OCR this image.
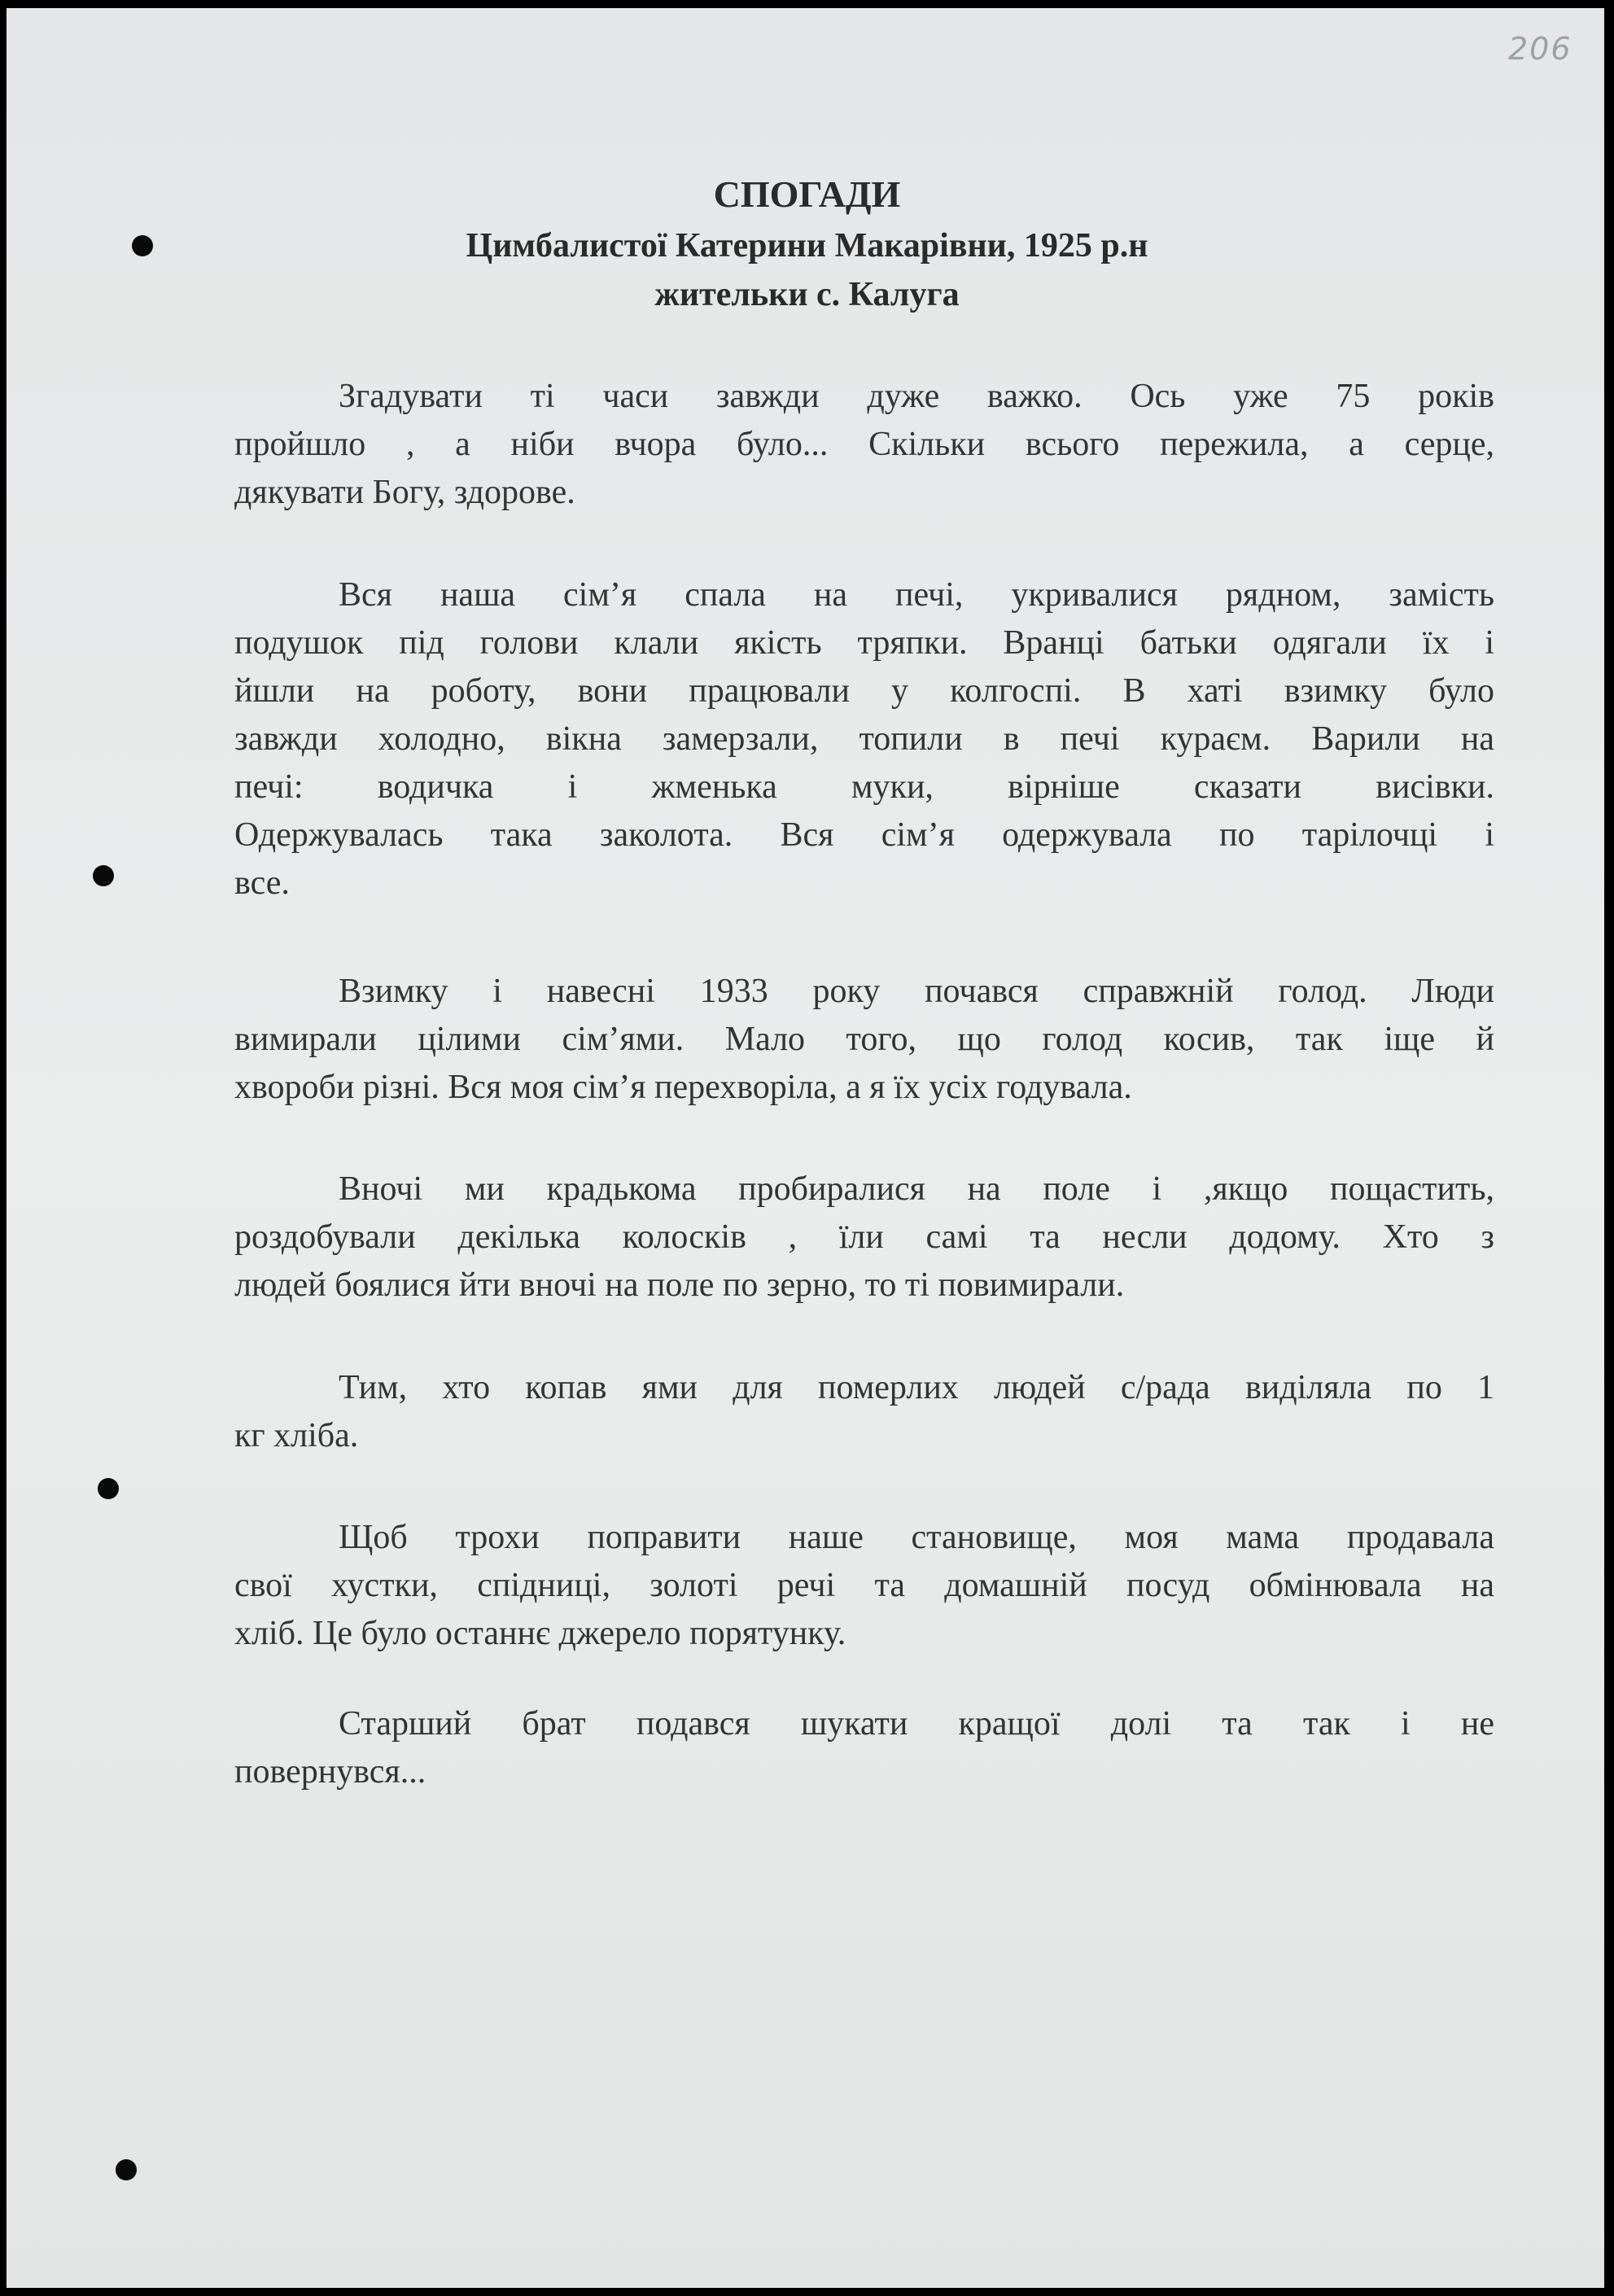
206
СПОГАДИ
Цимбалистої Катерини Макарівни, 1925 р.н
жительки с. Калуга
Згадувати ті часи завжди дуже важко. Ось уже 75 років
пройшло , а ніби вчора було... Скільки всього пережила, а серце,
дякувати Богу, здорове.
Вся наша сім’я спала на печі, укривалися рядном, замість
подушок під голови клали якість тряпки. Вранці батьки одягали їх і
йшли на роботу, вони працювали у колгоспі. В хаті взимку було
завжди холодно, вікна замерзали, топили в печі кураєм. Варили на
печі: водичка і жменька муки, вірніше сказати висівки.
Одержувалась така заколота. Вся сім’я одержувала по тарілочці і
все.
Взимку і навесні 1933 року почався справжній голод. Люди
вимирали цілими сім’ями. Мало того, що голод косив, так іще й
хвороби різні. Вся моя сім’я перехворіла, а я їх усіх годувала.
Вночі ми крадькома пробиралися на поле і ,якщо пощастить,
роздобували декілька колосків , їли самі та несли додому. Хто з
людей боялися йти вночі на поле по зерно, то ті повимирали.
Тим, хто копав ями для померлих людей с/рада виділяла по 1
кг хліба.
Щоб трохи поправити наше становище, моя мама продавала
свої хустки, спідниці, золоті речі та домашній посуд обмінювала на
хліб. Це було останнє джерело порятунку.
Старший брат подався шукати кращої долі та так і не
повернувся...
